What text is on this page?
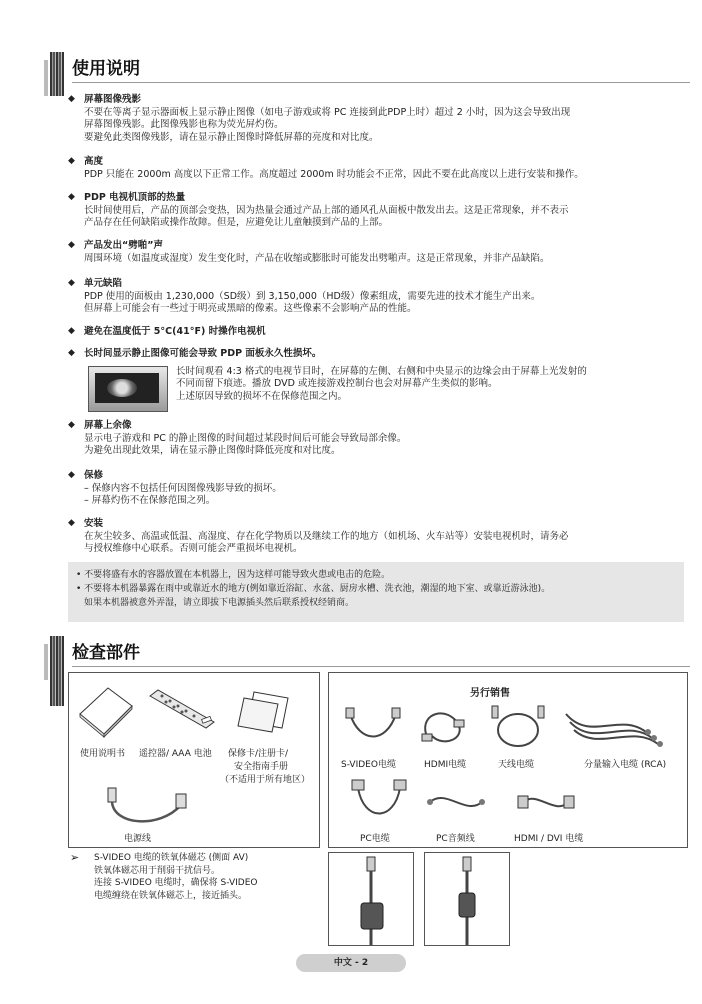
使用说明
◆ 屏幕图像残影
不要在等离子显示器面板上显示静止图像（如电子游戏或将 PC 连接到此PDP上时）超过 2 小时，因为这会导致出现
屏幕图像残影。此图像残影也称为荧光屏灼伤。
要避免此类图像残影，请在显示静止图像时降低屏幕的亮度和对比度。
◆ 高度
PDP 只能在 2000m 高度以下正常工作。高度超过 2000m 时功能会不正常，因此不要在此高度以上进行安装和操作。
◆ PDP 电视机顶部的热量
长时间使用后，产品的顶部会变热，因为热量会通过产品上部的通风孔从面板中散发出去。这是正常现象，并不表示
产品存在任何缺陷或操作故障。但是，应避免让儿童触摸到产品的上部。
◆ 产品发出“劈啪”声
周围环境（如温度或湿度）发生变化时，产品在收缩或膨胀时可能发出劈啪声。这是正常现象，并非产品缺陷。
◆ 单元缺陷
PDP 使用的面板由 1,230,000（SD级）到 3,150,000（HD级）像素组成，需要先进的技术才能生产出来。
但屏幕上可能会有一些过于明亮或黑暗的像素。这些像素不会影响产品的性能。
◆ 避免在温度低于 5°C(41°F) 时操作电视机
◆ 长时间显示静止图像可能会导致 PDP 面板永久性损坏。
长时间观看 4:3 格式的电视节目时，在屏幕的左侧、右侧和中央显示的边缘会由于屏幕上光发射的
不同而留下痕迹。播放 DVD 或连接游戏控制台也会对屏幕产生类似的影响。
上述原因导致的损坏不在保修范围之内。
◆ 屏幕上余像
显示电子游戏和 PC 的静止图像的时间超过某段时间后可能会导致局部余像。
为避免出现此效果，请在显示静止图像时降低亮度和对比度。
◆ 保修
– 保修内容不包括任何因图像残影导致的损坏。
– 屏幕灼伤不在保修范围之列。
◆ 安装
在灰尘较多、高温或低温、高湿度、存在化学物质以及继续工作的地方（如机场、火车站等）安装电视机时，请务必
与授权维修中心联系。否则可能会严重损坏电视机。
• 不要将盛有水的容器放置在本机器上，因为这样可能导致火患或电击的危险。
• 不要将本机器暴露在雨中或靠近水的地方(例如靠近浴缸、水盆、厨房水槽、洗衣池，潮湿的地下室、或靠近游泳池)。
如果本机器被意外弄湿，请立即拔下电源插头然后联系授权经销商。
检查部件
使用说明书 遥控器/ AAA 电池 保修卡/注册卡/
安全指南手册
（不适用于所有地区）
电源线
另行销售
S-VIDEO电缆	HDMI电缆	天线电缆	分量输入电缆 (RCA)
PC电缆	PC音频线	HDMI / DVI 电缆
➢ S-VIDEO 电缆的铁氧体磁芯 (侧面 AV)
铁氧体磁芯用于削弱干扰信号。
连接 S-VIDEO 电缆时，确保将 S-VIDEO
电缆缠绕在铁氧体磁芯上，接近插头。
中文 - 2
